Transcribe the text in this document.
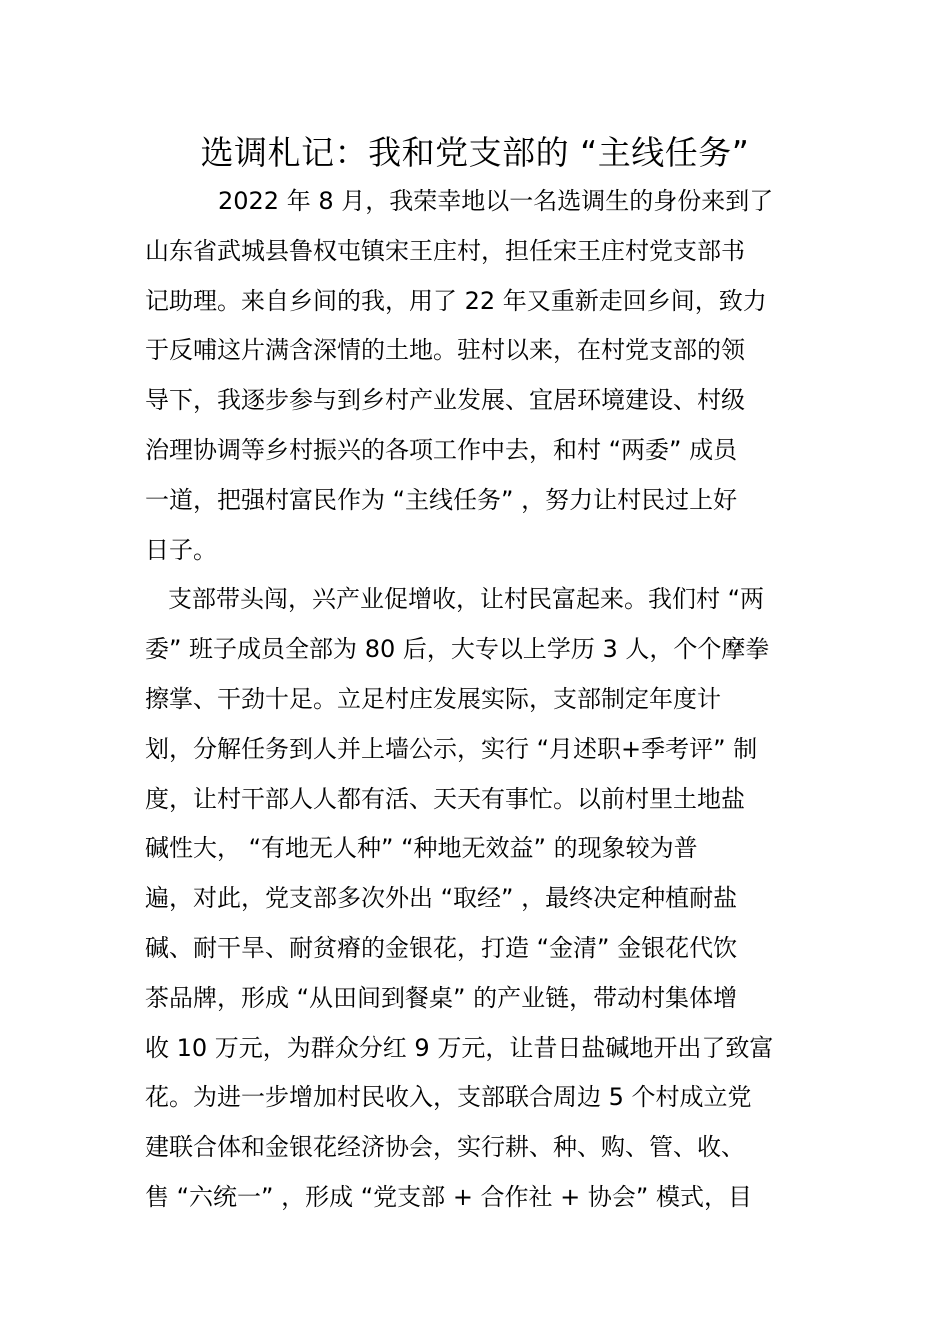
选调札记：我和党支部的 “主线任务”
2022 年 8 月，我荣幸地以一名选调生的身份来到了
山东省武城县鲁权屯镇宋王庄村，担任宋王庄村党支部书
记助理。来自乡间的我，用了 22 年又重新走回乡间，致力
于反哺这片满含深情的土地。驻村以来，在村党支部的领
导下，我逐步参与到乡村产业发展、宜居环境建设、村级
治理协调等乡村振兴的各项工作中去，和村 “两委” 成员
一道，把强村富民作为 “主线任务” ，努力让村民过上好
日子。
支部带头闯，兴产业促增收，让村民富起来。我们村 “两
委” 班子成员全部为 80 后，大专以上学历 3 人，个个摩拳
擦掌、干劲十足。立足村庄发展实际，支部制定年度计
划，分解任务到人并上墙公示，实行 “月述职+季考评” 制
度，让村干部人人都有活、天天有事忙。以前村里土地盐
碱性大， “有地无人种” “种地无效益” 的现象较为普
遍，对此，党支部多次外出 “取经” ，最终决定种植耐盐
碱、耐干旱、耐贫瘠的金银花，打造 “金清” 金银花代饮
茶品牌，形成 “从田间到餐桌” 的产业链，带动村集体增
收 10 万元，为群众分红 9 万元，让昔日盐碱地开出了致富
花。为进一步增加村民收入，支部联合周边 5 个村成立党
建联合体和金银花经济协会，实行耕、种、购、管、收、
售 “六统一” ，形成 “党支部 + 合作社 + 协会” 模式，目
